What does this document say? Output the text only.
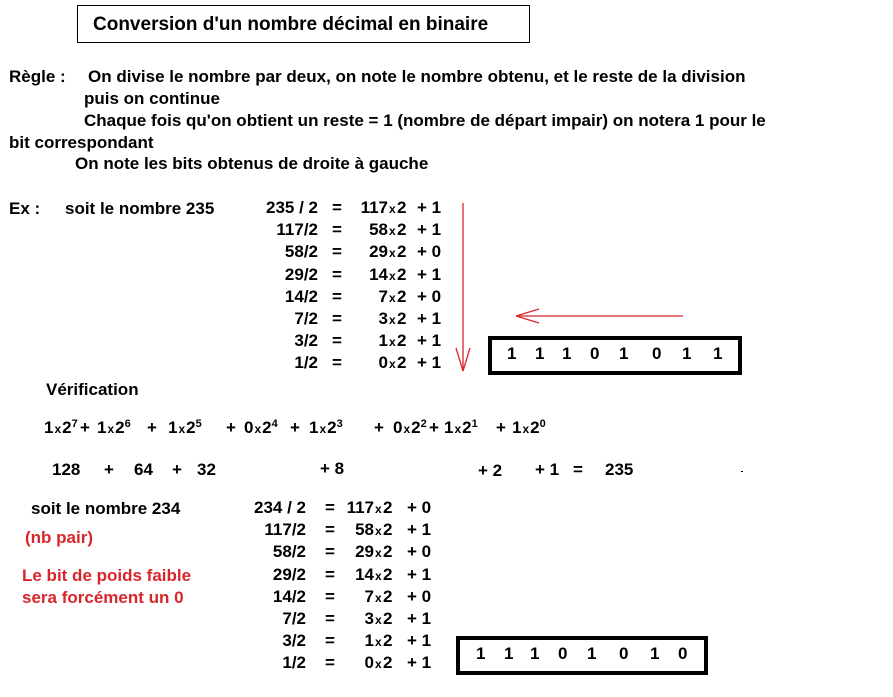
Conversion d'un nombre décimal en binaire
Règle : On divise le nombre par deux, on note le nombre obtenu, et le reste de la division
puis on continue
Chaque fois qu'on obtient un reste = 1 (nombre de départ impair) on notera 1 pour le
bit correspondant
On note les bits obtenus de droite à gauche
Ex : soit le nombre 235	235 / 2 = 117 x 2 + 1
117/2 = 58 x 2 + 1
58/2 = 29 x 2 + 0
29/2 = 14 x 2 + 1
14/2 = 7 x 2 + 0
7/2 = 3 x 2 + 1
3/2 = 1 x 2 + 1
1/2 = 0 x 2 + 1	1 1 1 0 1 0 1 1
Vérification
$1x2^7 + 1x2^6 + 1x2^5 + 0x2^4 + 1x2^3 + 0x2^2 + 1x2^1 + 1x2^0$
128 + 64 + 32	+ 8	+ 2 + 1 = 235
soit le nombre 234
(nb pair)
Le bit de poids faible
sera forcément un 0
234 / 2 = 117 x 2 + 0
117/2 = 58 x 2 + 1
58/2 = 29 x 2 + 0
29/2 = 14 x 2 + 1
14/2 = 7 x 2 + 0
7/2 = 3 x 2 + 1
3/2 = 1 x 2 + 1
1/2 = 0 x 2 + 1	1 1 1 0 1 0 1 0
